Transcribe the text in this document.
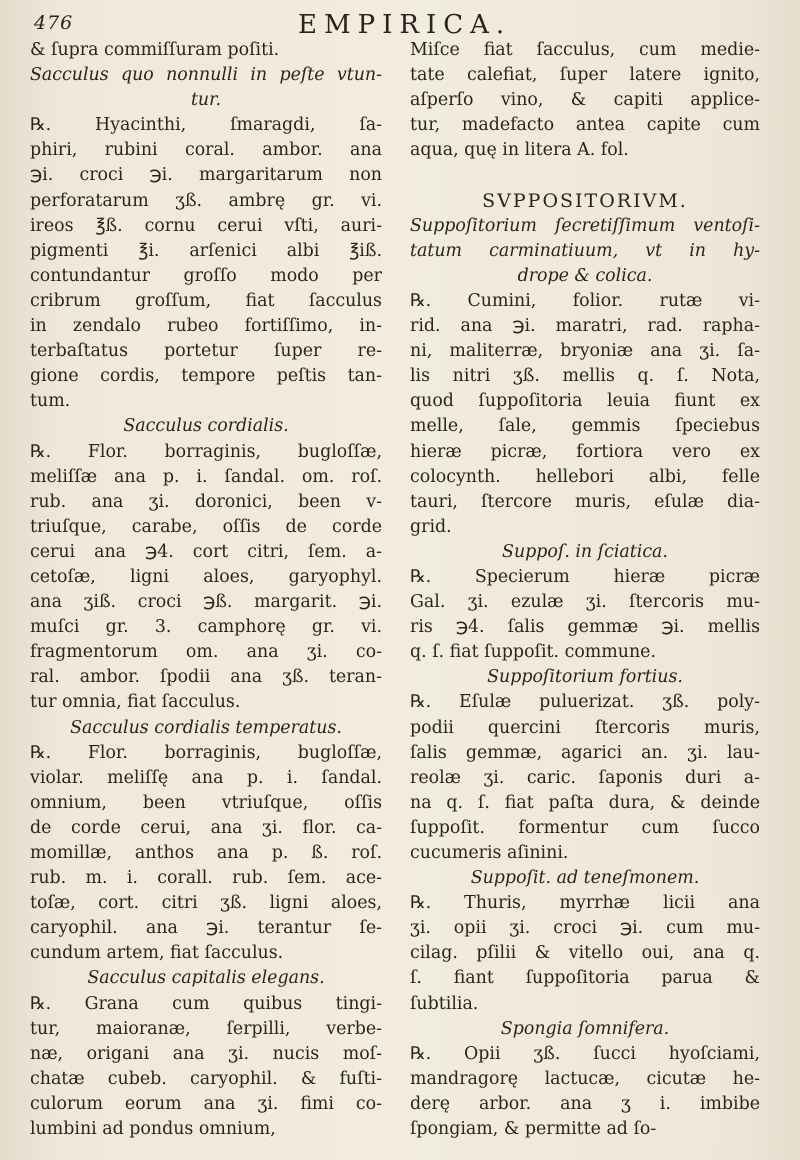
476	EMPIRICA.
& ſupra commiſſuram poſiti.
Sacculus quo nonnulli in peſte vtun-
tur.
℞. Hyacinthi, ſmaragdi, ſa-
phiri, rubini coral. ambor. ana
℈i. croci ℈i. margaritarum non
perforatarum ʒß. ambrę gr. vi.
ireos ℥ß. cornu cerui vſti, auri-
pigmenti ℥i. arſenici albi ℥iß.
contundantur groſſo modo per
cribrum groſſum, fiat ſacculus
in zendalo rubeo fortiſſimo, in-
terbaſtatus portetur ſuper re-
gione cordis, tempore peſtis tan-
tum.
Sacculus cordialis.
℞. Flor. borraginis, bugloſſæ,
meliſſæ ana p. i. ſandal. om. roſ.
rub. ana ʒi. doronici, been v-
triuſque, carabe, oſſis de corde
cerui ana ℈4. cort citri, ſem. a-
cetoſæ, ligni aloes, garyophyl.
ana ʒiß. croci ℈ß. margarit. ℈i.
muſci gr. 3. camphorę gr. vi.
fragmentorum om. ana ʒi. co-
ral. ambor. ſpodii ana ʒß. teran-
tur omnia, fiat ſacculus.
Sacculus cordialis temperatus.
℞. Flor. borraginis, bugloſſæ,
violar. meliſſę ana p. i. ſandal.
omnium, been vtriuſque, oſſis
de corde cerui, ana ʒi. flor. ca-
momillæ, anthos ana p. ß. roſ.
rub. m. i. corall. rub. ſem. ace-
toſæ, cort. citri ʒß. ligni aloes,
caryophil. ana ℈i. terantur ſe-
cundum artem, fiat ſacculus.
Sacculus capitalis elegans.
℞. Grana cum quibus tingi-
tur, maioranæ, ſerpilli, verbe-
næ, origani ana ʒi. nucis moſ-
chatæ cubeb. caryophil. & fuſti-
culorum eorum ana ʒi. fimi co-
lumbini ad pondus omnium,
Miſce fiat ſacculus, cum medie-
tate calefiat, ſuper latere ignito,
aſperſo vino, & capiti applice-
tur, madefacto antea capite cum
aqua, quę in litera A. fol.

SVPPOSITORIVM.
Suppoſitorium ſecretiſſimum ventoſi-
tatum carminatiuum, vt in hy-
drope & colica.
℞. Cumini, folior. rutæ vi-
rid. ana ℈i. maratri, rad. rapha-
ni, maliterræ, bryoniæ ana ʒi. ſa-
lis nitri ʒß. mellis q. ſ. Nota,
quod ſuppoſitoria leuia fiunt ex
melle, ſale, gemmis ſpeciebus
hieræ picræ, fortiora vero ex
colocynth. hellebori albi, felle
tauri, ſtercore muris, eſulæ dia-
grid.
Suppoſ. in ſciatica.
℞. Specierum hieræ picræ
Gal. ʒi. ezulæ ʒi. ſtercoris mu-
ris ℈4. ſalis gemmæ ℈i. mellis
q. ſ. fiat ſuppoſit. commune.
Suppoſitorium fortius.
℞. Eſulæ puluerizat. ʒß. poly-
podii quercini ſtercoris muris,
ſalis gemmæ, agarici an. ʒi. lau-
reolæ ʒi. caric. ſaponis duri a-
na q. ſ. fiat paſta dura, & deinde
ſuppoſit. formentur cum ſucco
cucumeris aſinini.
Suppoſit. ad teneſmonem.
℞. Thuris, myrrhæ licii ana
ʒi. opii ʒi. croci ℈i. cum mu-
cilag. pſilii & vitello oui, ana q.
ſ. fiant ſuppoſitoria parua &
ſubtilia.
Spongia ſomnifera.
℞. Opii ʒß. ſucci hyoſciami,
mandragorę lactucæ, cicutæ he-
derę arbor. ana ʒ i. imbibe
ſpongiam, & permitte ad ſo-
